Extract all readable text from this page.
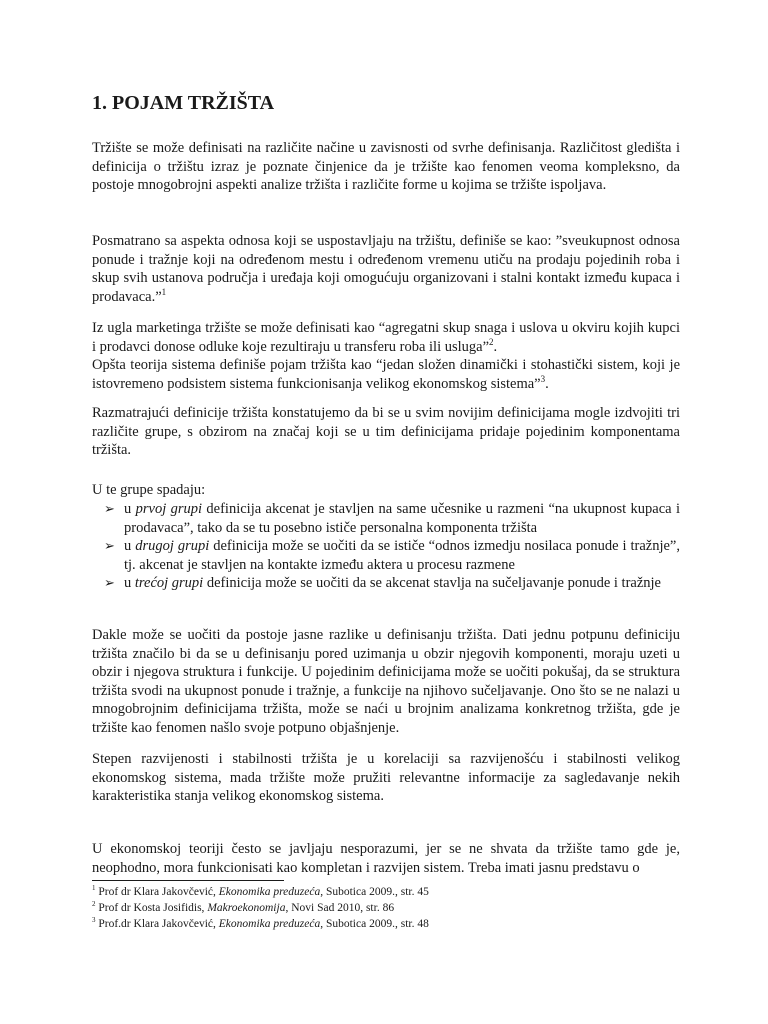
1. POJAM TRŽIŠTA

Tržište se može definisati na različite načine u zavisnosti od svrhe definisanja. Različitost gledišta i definicija o tržištu izraz je poznate činjenice da je tržište kao fenomen veoma kompleksno, da postoje mnogobrojni aspekti analize tržišta i različite forme u kojima se tržište ispoljava.

Posmatrano sa aspekta odnosa koji se uspostavljaju na tržištu, definiše se kao: ”sveukupnost odnosa ponude i tražnje koji na određenom mestu i određenom vremenu utiču na prodaju pojedinih roba i skup svih ustanova područja i uređaja koji omogućuju organizovani i stalni kontakt između kupaca i prodavaca.”$^1$

Iz ugla marketinga tržište se može definisati kao “agregatni skup snaga i uslova u okviru kojih kupci i prodavci donose odluke koje rezultiraju u transferu roba ili usluga”$^2$.
Opšta teorija sistema definiše pojam tržišta kao “jedan složen dinamički i stohastički sistem, koji je istovremeno podsistem sistema funkcionisanja velikog ekonomskog sistema”$^3$.

Razmatrajući definicije tržišta konstatujemo da bi se u svim novijim definicijama mogle izdvojiti tri različite grupe, s obzirom na značaj koji se u tim definicijama pridaje pojedinim komponentama tržišta.

U te grupe spadaju:

➢ u prvoj grupi definicija akcenat je stavljen na same učesnike u razmeni “na ukupnost kupaca i prodavaca”, tako da se tu posebno ističe personalna komponenta tržišta
➢ u drugoj grupi definicija može se uočiti da se ističe “odnos izmedju nosilaca ponude i tražnje”, tj. akcenat je stavljen na kontakte između aktera u procesu razmene
➢ u trećoj grupi definicija može se uočiti da se akcenat stavlja na sučeljavanje ponude i tražnje

Dakle može se uočiti da postoje jasne razlike u definisanju tržišta. Dati jednu potpunu definiciju tržišta značilo bi da se u definisanju pored uzimanja u obzir njegovih komponenti, moraju uzeti u obzir i njegova struktura i funkcije. U pojedinim definicijama može se uočiti pokušaj, da se struktura tržišta svodi na ukupnost ponude i tražnje, a funkcije na njihovo sučeljavanje. Ono što se ne nalazi u mnogobrojnim definicijama tržišta, može se naći u brojnim analizama konkretnog tržišta, gde je tržište kao fenomen našlo svoje potpuno objašnjenje.

Stepen razvijenosti i stabilnosti tržišta je u korelaciji sa razvijenošću i stabilnosti velikog ekonomskog sistema, mada tržište može pružiti relevantne informacije za sagledavanje nekih karakteristika stanja velikog ekonomskog sistema.

U ekonomskoj teoriji često se javljaju nesporazumi, jer se ne shvata da tržište tamo gde je, neophodno, mora funkcionisati kao kompletan i razvijen sistem. Treba imati jasnu predstavu o

$^1$ Prof dr Klara Jakovčević, Ekonomika preduzeća, Subotica 2009., str. 45

$^2$ Prof dr Kosta Josifidis, Makroekonomija, Novi Sad 2010, str. 86

$^3$ Prof.dr Klara Jakovčević, Ekonomika preduzeća, Subotica 2009., str. 48
